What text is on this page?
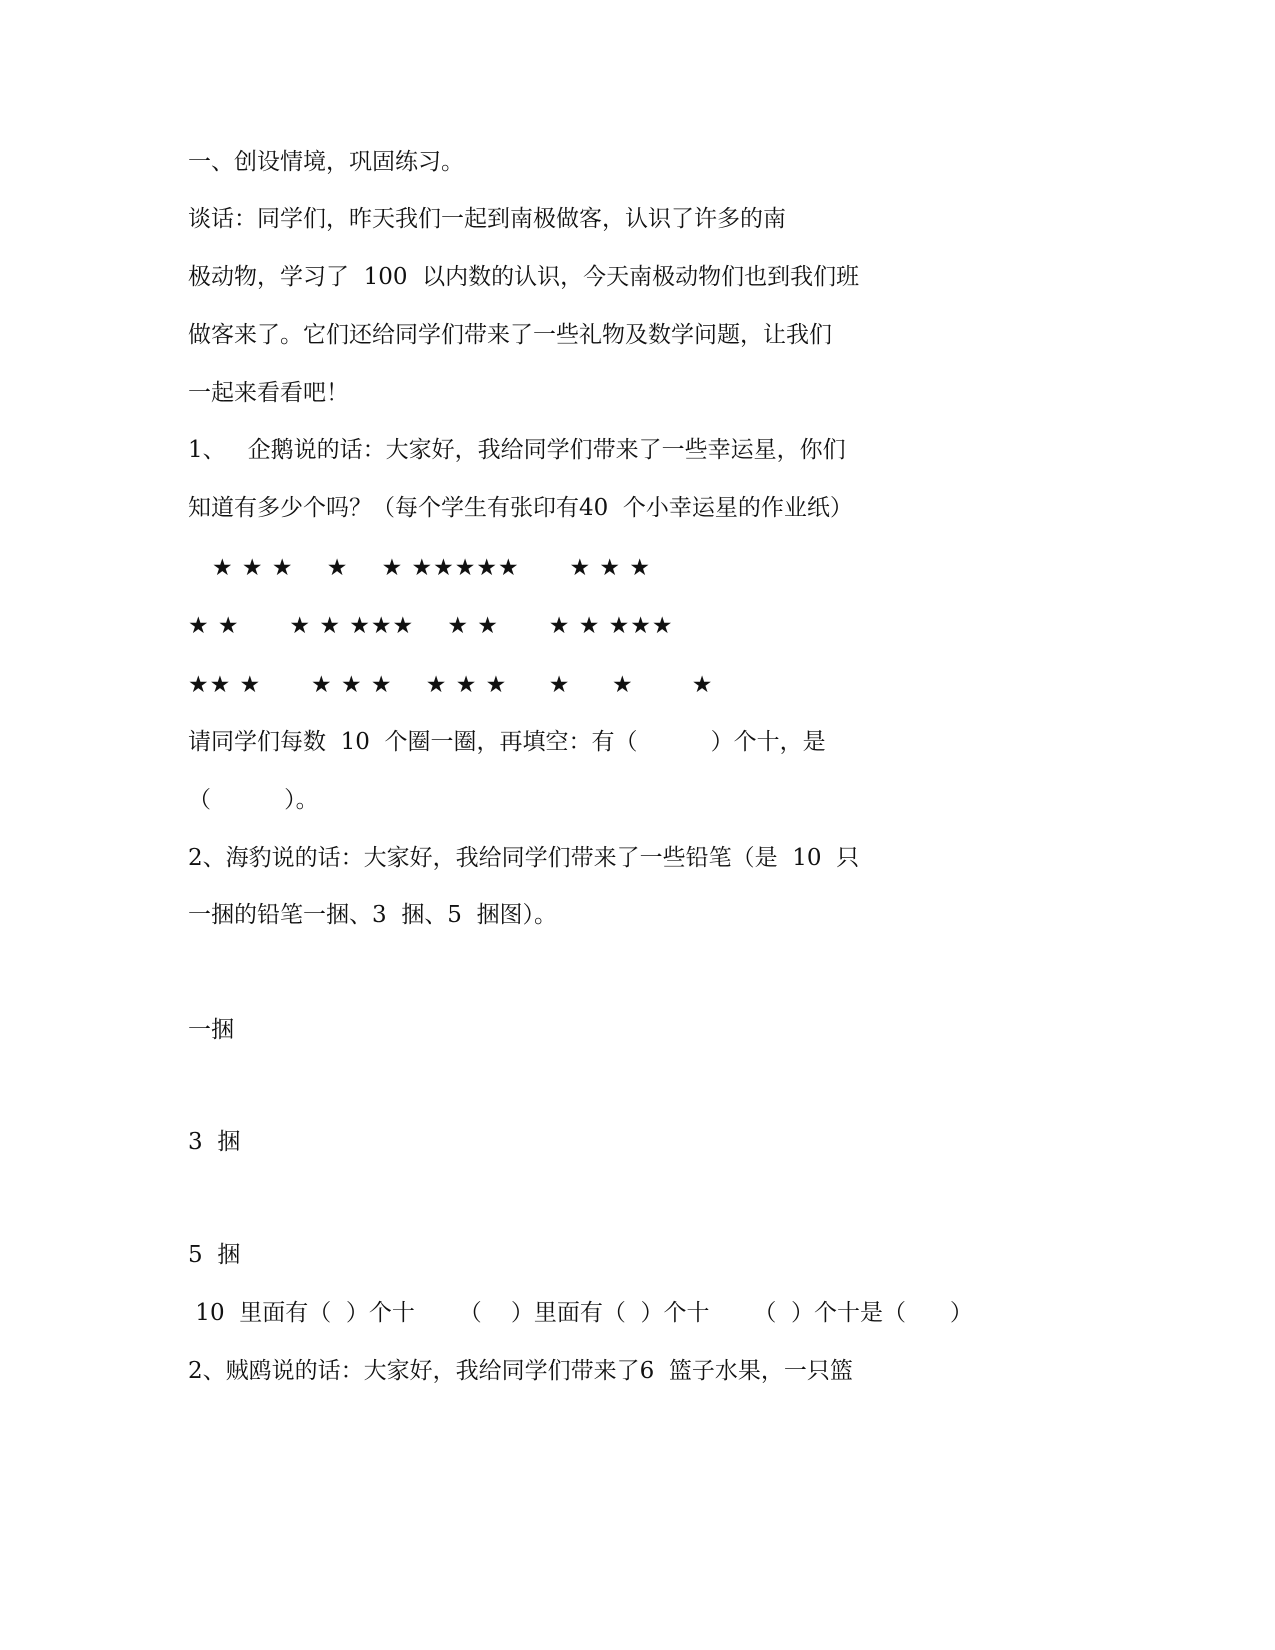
一、创设情境，巩固练习。
谈话：同学们，昨天我们一起到南极做客，认识了许多的南
极动物，学习了  100  以内数的认识，今天南极动物们也到我们班
做客来了。它们还给同学们带来了一些礼物及数学问题，让我们
一起来看看吧！
1、   企鹅说的话：大家好，我给同学们带来了一些幸运星，你们
知道有多少个吗？（每个学生有张印有40  个小幸运星的作业纸）
★ ★ ★    ★    ★ ★★★★★      ★ ★ ★
★ ★      ★ ★ ★★★    ★ ★      ★ ★ ★★★
★★ ★      ★ ★ ★    ★ ★ ★     ★     ★       ★
请同学们每数  10  个圈一圈，再填空：有（          ）个十，是
（          ）。
2、海豹说的话：大家好，我给同学们带来了一些铅笔（是  10  只
一捆的铅笔一捆、3  捆、5  捆图）。
一捆
3  捆
5  捆
10  里面有（  ）个十      （    ）里面有（  ）个十      （  ）个十是（      ）
2、贼鸥说的话：大家好，我给同学们带来了6  篮子水果，一只篮
